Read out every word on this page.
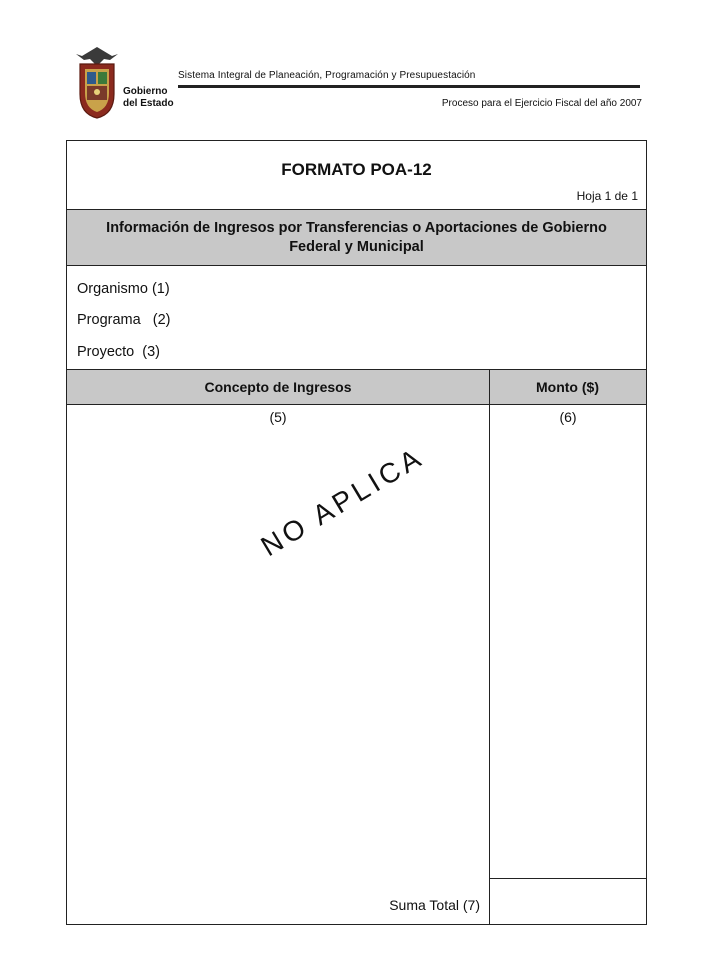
Gobierno
del Estado
Sistema Integral de Planeación, Programación y Presupuestación
Proceso para el Ejercicio Fiscal del año 2007
FORMATO POA-12
Hoja 1 de 1
Información de Ingresos por Transferencias o Aportaciones de Gobierno Federal y Municipal
Organismo (1)
Programa   (2)
Proyecto  (3)
Concepto de Ingresos	Monto ($)
(5)	(6)
NO APLICA
Suma Total (7)
